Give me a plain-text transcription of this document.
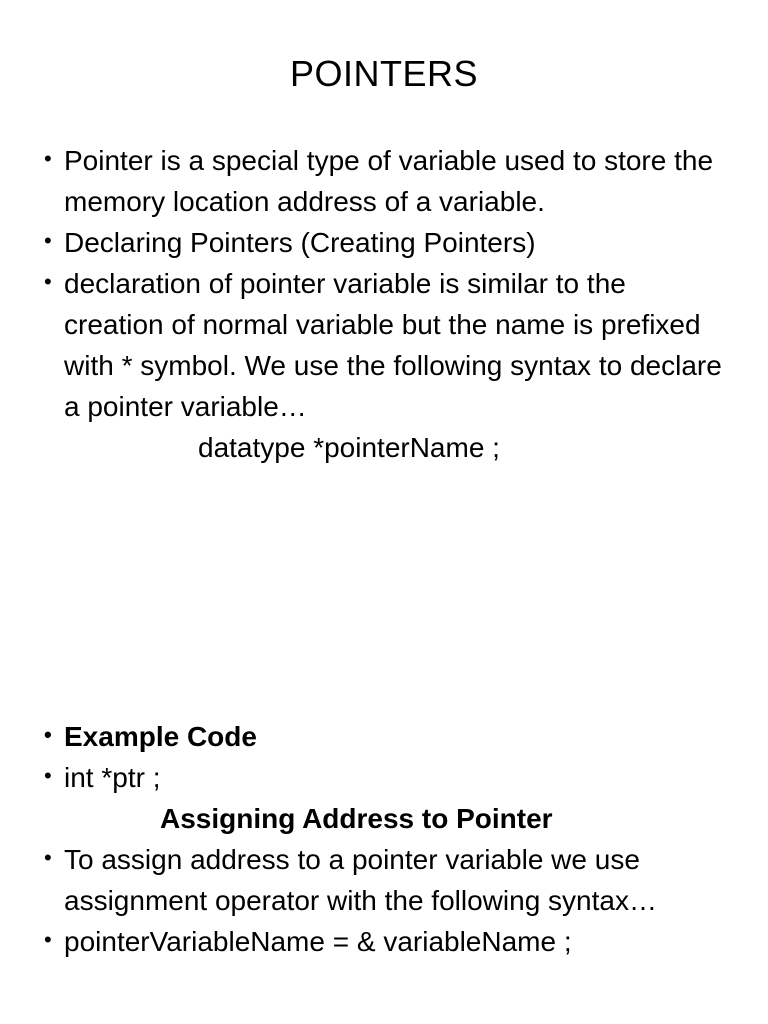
POINTERS
• Pointer is a special type of variable used to store the memory location address of a variable.
• Declaring Pointers (Creating Pointers)
• declaration of pointer variable is similar to the creation of normal variable but the name is prefixed with * symbol. We use the following syntax to declare a pointer variable…
datatype *pointerName ;
• Example Code
• int *ptr ;
Assigning Address to Pointer
• To assign address to a pointer variable we use assignment operator with the following syntax…
• pointerVariableName = & variableName ;
